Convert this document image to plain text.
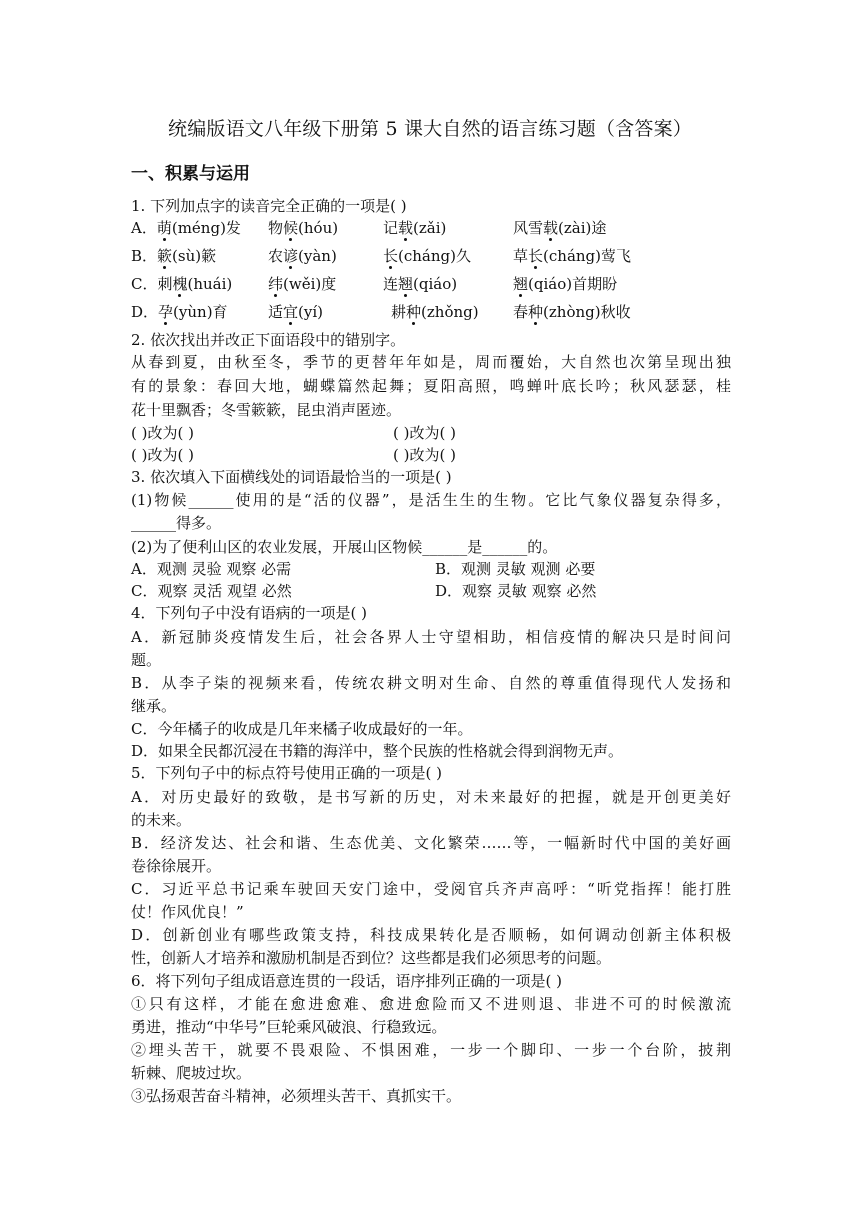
统编版语文八年级下册第 5 课大自然的语言练习题（含答案）
一、积累与运用
1. 下列加点字的读音完全正确的一项是( )
A．萌(méng)发 物候(hóu)	记载(zǎi)	风雪载(zài)途
B．簌(sù)簌	农谚(yàn)	长(cháng)久	草长(cháng)莺飞
C．刺槐(huái) 纬(wěi)度	连翘(qiáo)	翘(qiáo)首期盼
D．孕(yùn)育	适宜(yí)	耕种(zhǒng) 春种(zhòng)秋收
2. 依次找出并改正下面语段中的错别字。
从春到夏，由秋至冬，季节的更替年年如是，周而覆始，大自然也次第呈现出独
有的景象：春回大地，蝴蝶篇然起舞；夏阳高照，鸣蝉叶底长吟；秋风瑟瑟，桂
花十里飘香；冬雪簌簌，昆虫消声匿迹。
( )改为( )	( )改为( )
( )改为( )	( )改为( )
3. 依次填入下面横线处的词语最恰当的一项是( )
(1)物候______使用的是“活的仪器”，是活生生的生物。它比气象仪器复杂得多，
______得多。
(2)为了便利山区的农业发展，开展山区物候______是______的。
A．观测 灵验 观察 必需	B．观测 灵敏 观测 必要
C．观察 灵活 观望 必然	D．观察 灵敏 观察 必然
4．下列句子中没有语病的一项是( )
A．新冠肺炎疫情发生后，社会各界人士守望相助，相信疫情的解决只是时间问
题。
B．从李子柒的视频来看，传统农耕文明对生命、自然的尊重值得现代人发扬和
继承。
C．今年橘子的收成是几年来橘子收成最好的一年。
D．如果全民都沉浸在书籍的海洋中，整个民族的性格就会得到润物无声。
5．下列句子中的标点符号使用正确的一项是( )
A．对历史最好的致敬，是书写新的历史，对未来最好的把握，就是开创更美好
的未来。
B．经济发达、社会和谐、生态优美、文化繁荣……等，一幅新时代中国的美好画
卷徐徐展开。
C．习近平总书记乘车驶回天安门途中，受阅官兵齐声高呼：“听党指挥！能打胜
仗！作风优良！”
D．创新创业有哪些政策支持，科技成果转化是否顺畅，如何调动创新主体积极
性，创新人才培养和激励机制是否到位？这些都是我们必须思考的问题。
6．将下列句子组成语意连贯的一段话，语序排列正确的一项是( )
①只有这样，才能在愈进愈难、愈进愈险而又不进则退、非进不可的时候激流
勇进，推动“中华号”巨轮乘风破浪、行稳致远。
②埋头苦干，就要不畏艰险、不惧困难，一步一个脚印、一步一个台阶，披荆
斩棘、爬坡过坎。
③弘扬艰苦奋斗精神，必须埋头苦干、真抓实干。
